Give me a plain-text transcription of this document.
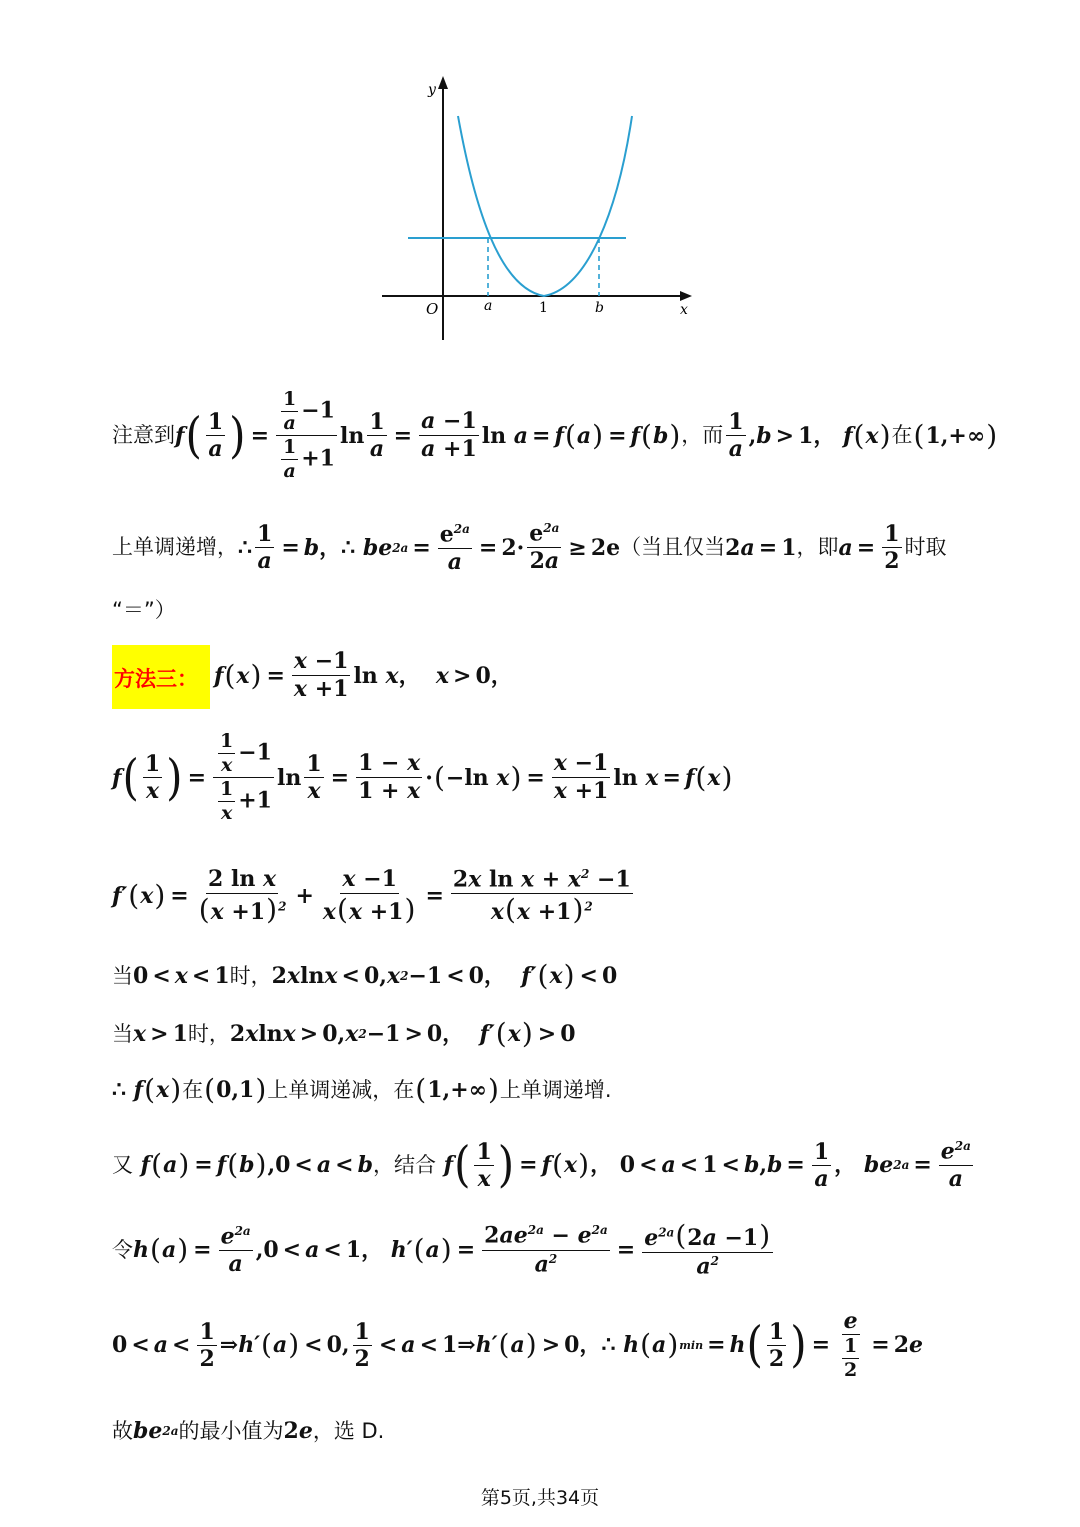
y
x
O	a	1	b
注意到 f ( $\frac{1}{a}$ ) = $\frac{\frac{1}{a} -1}{\frac{1}{a} +1}$ $\ln \frac{1}{a} = \frac{a -1}{a +1}$ ln a = f ( a ) = f ( b ) ，而 $\frac{1}{a}$ , b > 1 ， f ( x ) 在 ( 1,+∞ )
上单调递增， ∴ $\frac{1}{a} = b$ ， ∴ be $2a = \frac{e^{2a}}{a} = 2\cdot \frac{e^{2a}}{2a} \ge 2e$ （当且仅当 2 a = 1 ，即 $a = \frac{1}{2}$ 时取
“＝”）
方法三： f ( x ) = $\frac{x -1}{x +1}$ ln x ， x > 0，
f ( $\frac{1}{x}$ ) = $\frac{\frac{1}{x} -1}{\frac{1}{x} +1}$ $\ln \frac{1}{x} = \frac{1 - x}{1 + x}$ · ( −ln x ) = $\frac{x -1}{x +1}$ ln x = f ( x )
f′ ( x ) = $\frac{\text{2 ln x}}{(x +1)^2} + \frac{x -1}{x(x +1)} = \frac{2x \ln x + x^2 -1}{x(x +1)^2}$
当 0 < x < 1 时， 2 x ln x < 0, x 2 −1 < 0， f′ ( x ) < 0
当 x > 1 时， 2 x ln x > 0, x 2 −1 > 0， f′ ( x ) > 0
∴
f ( x ) 在 ( 0,1 ) 上单调递减，在 ( 1,+∞ ) 上单调递增.
又
f ( a ) = f ( b ) ,0 < a < b ，结合 f ( $\frac{1}{x}$ ) = f ( x ) ， 0 < a < 1 < b , $b = \frac{1}{a}$ ， be $2a = \frac{e^{2a}}{a}$
令 h ( a ) = $\frac{e^{2a}}{a} ,0 < a < 1$， h′ ( a ) = $\frac{2ae^{2a} - e^{2a}}{a^2} = \frac{e^{2a}(2a -1)}{a^2}$
$0 < a < \frac{1}{2}$ ⇒ h′ ( a ) < 0, $\frac{1}{2} < a$ < 1⇒ h′ ( a ) > 0， ∴
h ( a ) min = h ( $\frac{1}{2}$ ) = $\frac{e}{\frac{1}{2}} = 2$ e
故 be 2a 的最小值为 2 e ，选 D.
第5页,共34页
